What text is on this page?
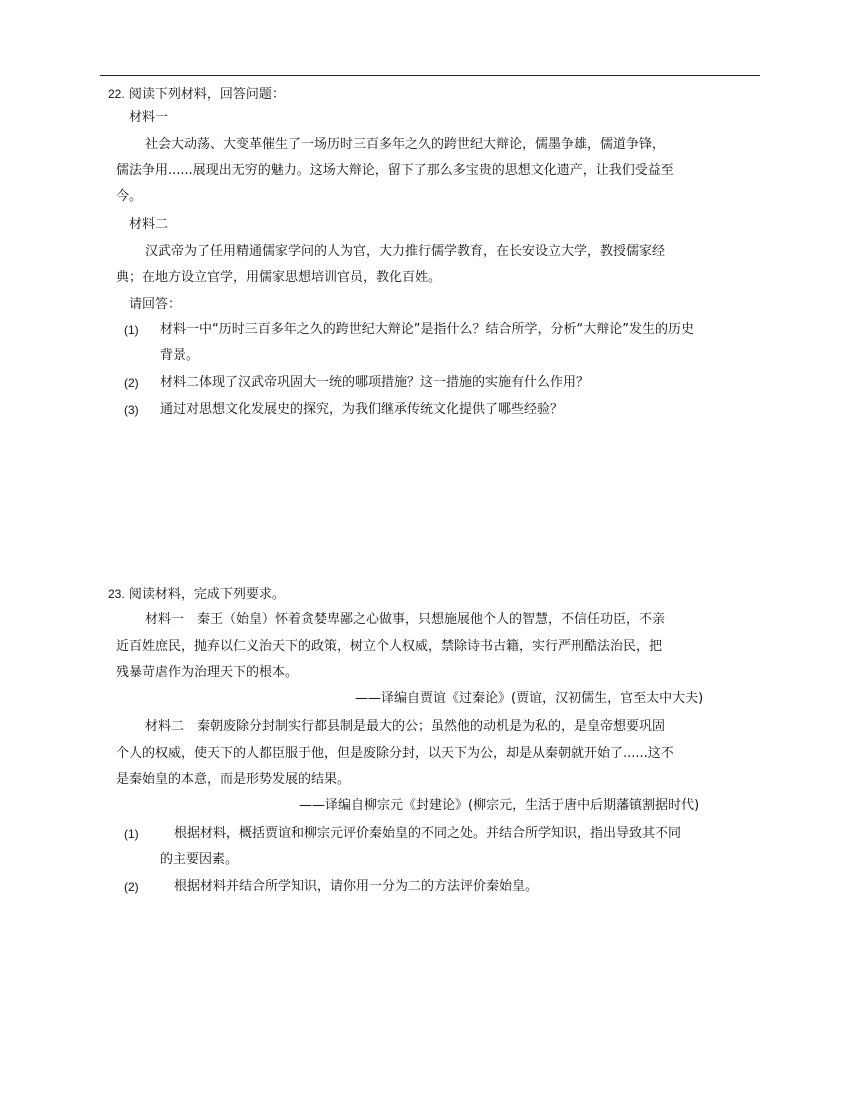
22. 阅读下列材料，回答问题：
材料一
社会大动荡、大变革催生了一场历时三百多年之久的跨世纪大辩论，儒墨争雄，儒道争锋，
儒法争用......展现出无穷的魅力。这场大辩论，留下了那么多宝贵的思想文化遗产，让我们受益至
今。
材料二
汉武帝为了任用精通儒家学问的人为官，大力推行儒学教育，在长安设立大学，教授儒家经
典；在地方设立官学，用儒家思想培训官员，教化百姓。
请回答：
(1) 材料一中“历时三百多年之久的跨世纪大辩论”是指什么？结合所学，分析“大辩论”发生的历史
背景。
(2) 材料二体现了汉武帝巩固大一统的哪项措施？这一措施的实施有什么作用？
(3) 通过对思想文化发展史的探究，为我们继承传统文化提供了哪些经验？
23. 阅读材料，完成下列要求。
材料一　秦王（始皇）怀着贪婪卑鄙之心做事，只想施展他个人的智慧，不信任功臣，不亲
近百姓庶民，抛弃以仁义治天下的政策，树立个人权威，禁除诗书古籍，实行严刑酷法治民，把
残暴苛虐作为治理天下的根本。
——译编自贾谊《过秦论》(贾谊，汉初儒生，官至太中大夫)
材料二　秦朝废除分封制实行都县制是最大的公；虽然他的动机是为私的，是皇帝想要巩固
个人的权威，使天下的人都臣服于他，但是废除分封，以天下为公，却是从秦朝就开始了......这不
是秦始皇的本意，而是形势发展的结果。
——译编自柳宗元《封建论》(柳宗元，生活于唐中后期藩镇割据时代)
(1)	根据材料，概括贾谊和柳宗元评价秦始皇的不同之处。并结合所学知识，指出导致其不同
的主要因素。
(2)	根据材料并结合所学知识，请你用一分为二的方法评价秦始皇。
